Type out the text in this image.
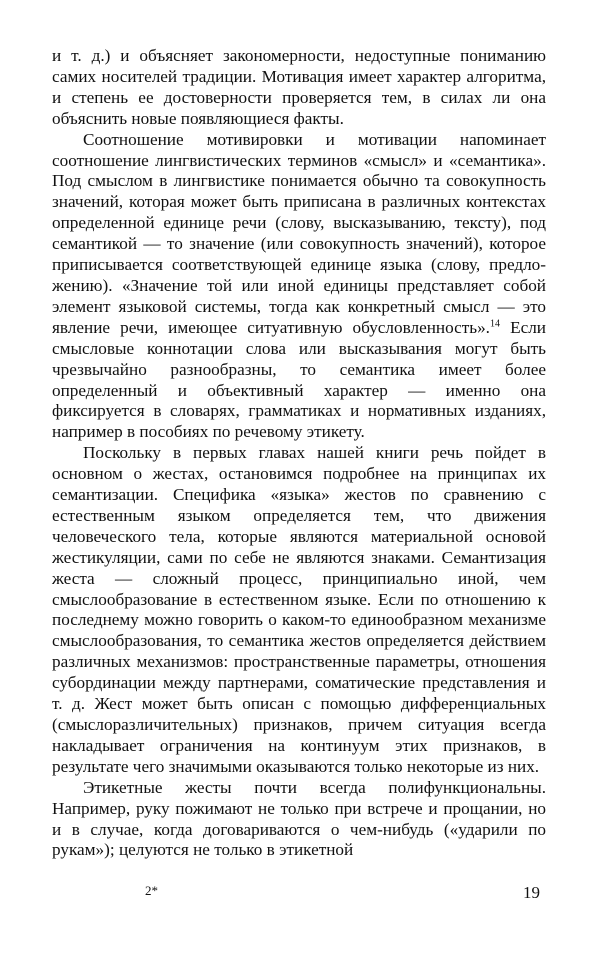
и т. д.) и объясняет закономерности, недоступные пониманию самих носителей традиции. Мотивация имеет характер алгоритма, и степень ее достоверности проверяется тем, в силах ли она объяснить новые появляющиеся факты.

Соотношение мотивировки и мотивации напоминает соотношение лингвистических терминов «смысл» и «семантика». Под смыслом в лингвистике понимается обычно та совокупность значений, которая может быть приписана в различных контекстах определенной единице речи (слову, высказыванию, тексту), под семантикой — то значение (или совокупность значений), которое приписывается соответствующей единице языка (слову, предложению). «Значение той или иной единицы представляет собой элемент языковой системы, тогда как конкретный смысл — это явление речи, имеющее ситуативную обусловленность».$^{14}$ Если смысловые коннотации слова или высказывания могут быть чрезвычайно разнообразны, то семантика имеет более определенный и объективный характер — именно она фиксируется в словарях, грамматиках и нормативных изданиях, например в пособиях по речевому этикету.

Поскольку в первых главах нашей книги речь пойдет в основном о жестах, остановимся подробнее на принципах их семантизации. Специфика «языка» жестов по сравнению с естественным языком определяется тем, что движения человеческого тела, которые являются материальной основой жестикуляции, сами по себе не являются знаками. Семантизация жеста — сложный процесс, принципиально иной, чем смыслообразование в естественном языке. Если по отношению к последнему можно говорить о каком-то единообразном механизме смыслообразования, то семантика жестов определяется действием различных механизмов: пространственные параметры, отношения субординации между партнерами, соматические представления и т. д. Жест может быть описан с помощью дифференциальных (смыслоразличительных) признаков, причем ситуация всегда накладывает ограничения на континуум этих признаков, в результате чего значимыми оказываются только некоторые из них.

Этикетные жесты почти всегда полифункциональны. Например, руку пожимают не только при встрече и прощании, но и в случае, когда договариваются о чем-нибудь («ударили по рукам»); целуются не только в этикетной

2*	19
